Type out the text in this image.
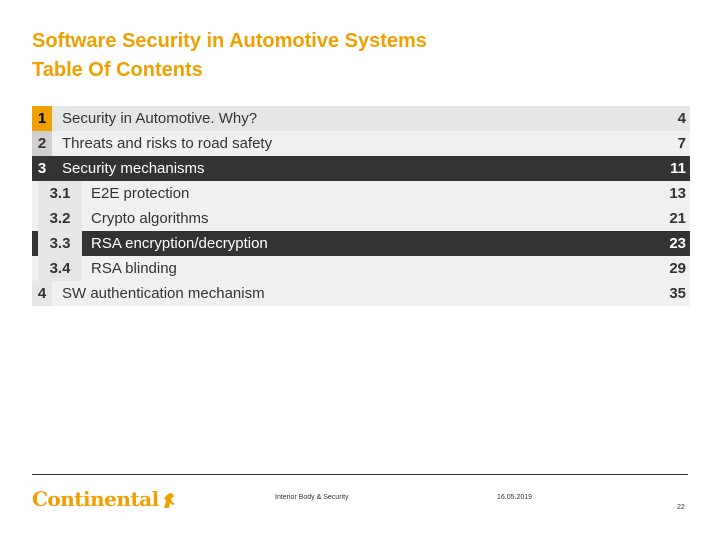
Software Security in Automotive Systems
Table Of Contents
1	Security in Automotive. Why?	4
2	Threats and risks to road safety	7
3	Security mechanisms	11
3.1	E2E protection	13
3.2	Crypto algorithms	21
3.3	RSA encryption/decryption	23
3.4	RSA blinding	29
4	SW authentication mechanism	35
Continental	Interior Body & Security	16.05.2019
22
